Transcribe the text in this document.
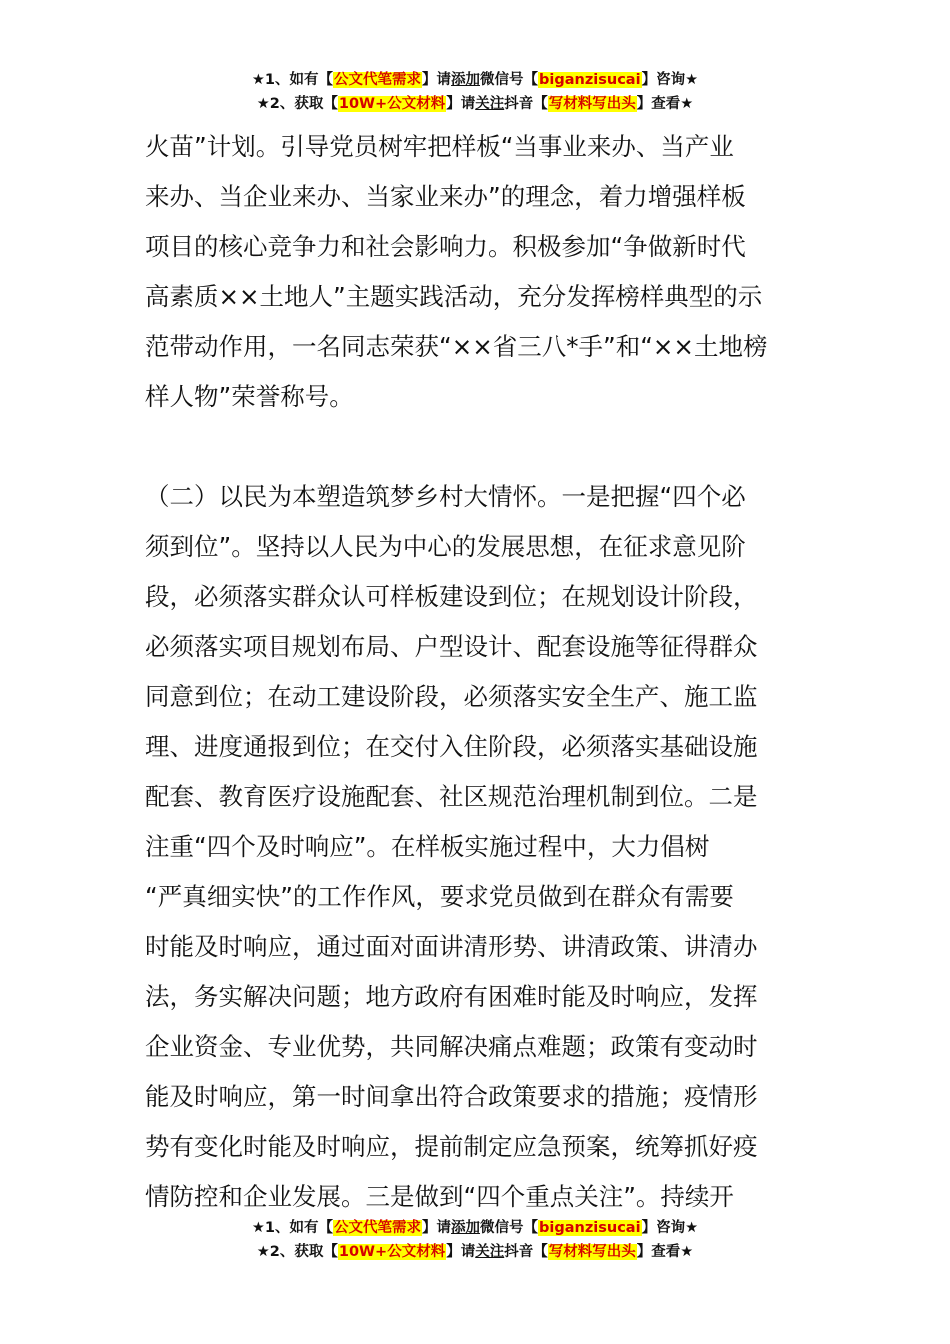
★1、如有【公文代笔需求】请添加微信号【biganzisucai】咨询★
★2、获取【10W+公文材料】请关注抖音【写材料写出头】查看★
火苗”计划。引导党员树牢把样板“当事业来办、当产业
来办、当企业来办、当家业来办”的理念，着力增强样板
项目的核心竞争力和社会影响力。积极参加“争做新时代
高素质××土地人”主题实践活动，充分发挥榜样典型的示
范带动作用，一名同志荣获“××省三八*手”和“××土地榜
样人物”荣誉称号。
（二）以民为本塑造筑梦乡村大情怀。一是把握“四个必
须到位”。坚持以人民为中心的发展思想，在征求意见阶
段，必须落实群众认可样板建设到位；在规划设计阶段，
必须落实项目规划布局、户型设计、配套设施等征得群众
同意到位；在动工建设阶段，必须落实安全生产、施工监
理、进度通报到位；在交付入住阶段，必须落实基础设施
配套、教育医疗设施配套、社区规范治理机制到位。二是
注重“四个及时响应”。在样板实施过程中，大力倡树
“严真细实快”的工作作风，要求党员做到在群众有需要
时能及时响应，通过面对面讲清形势、讲清政策、讲清办
法，务实解决问题；地方政府有困难时能及时响应，发挥
企业资金、专业优势，共同解决痛点难题；政策有变动时
能及时响应，第一时间拿出符合政策要求的措施；疫情形
势有变化时能及时响应，提前制定应急预案，统筹抓好疫
情防控和企业发展。三是做到“四个重点关注”。持续开
★1、如有【公文代笔需求】请添加微信号【biganzisucai】咨询★
★2、获取【10W+公文材料】请关注抖音【写材料写出头】查看★
